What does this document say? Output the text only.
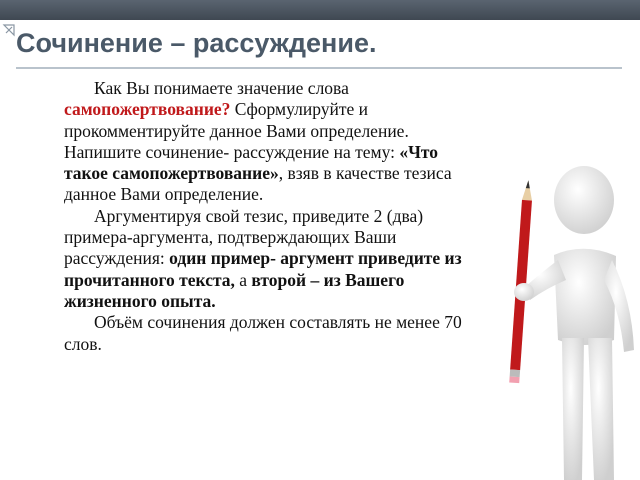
Сочинение – рассуждение.

Как Вы понимаете значение слова самопожертвование? Сформулируйте и прокомментируйте данное Вами определение. Напишите сочинение- рассуждение на тему: «Что такое самопожертвование», взяв в качестве тезиса данное Вами определение.

Аргументируя свой тезис, приведите 2 (два) примера-аргумента, подтверждающих Ваши рассуждения: один пример- аргумент приведите из прочитанного текста, а второй – из Вашего жизненного опыта.

Объём сочинения должен составлять не менее 70 слов.
